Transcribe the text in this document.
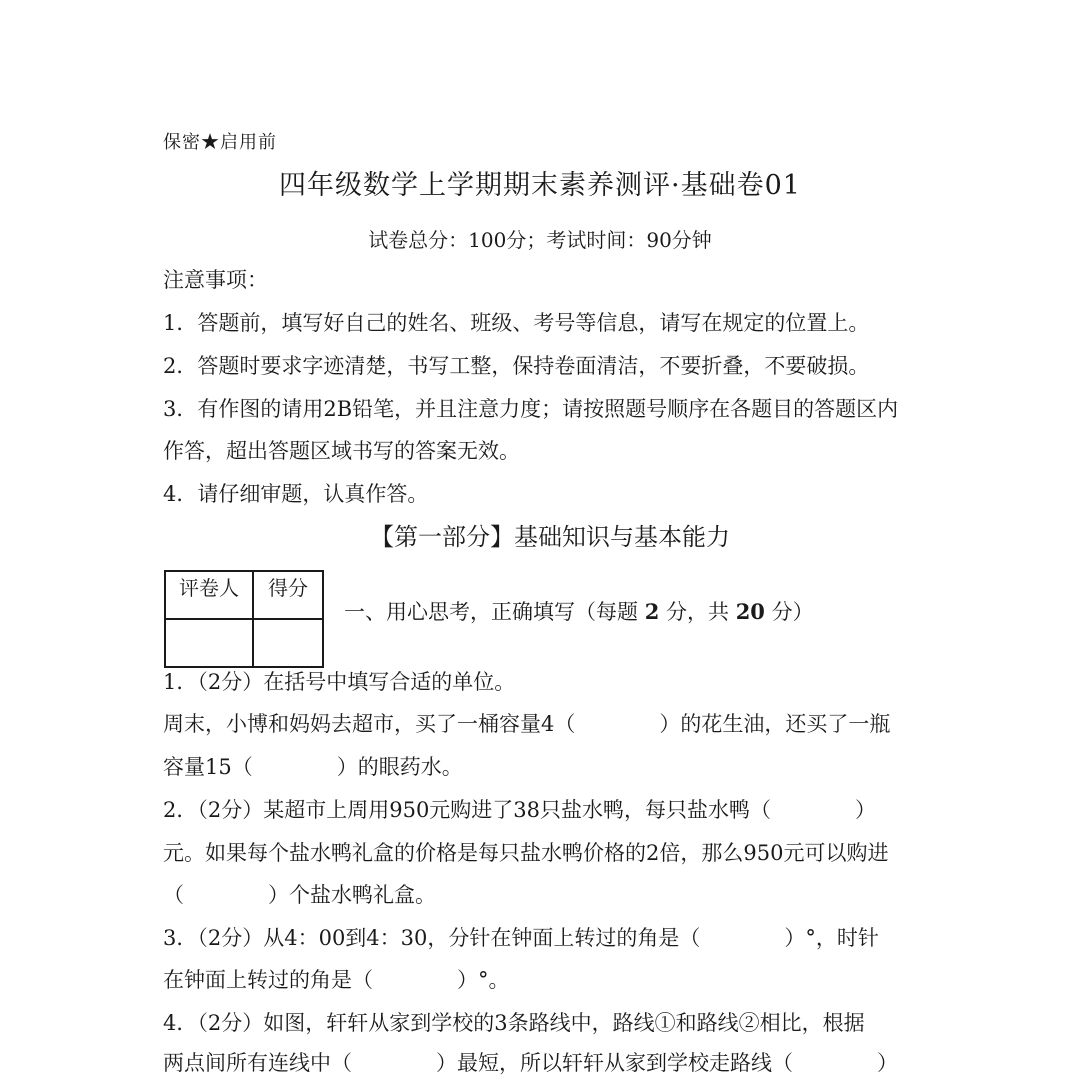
保密★启用前
四年级数学上学期期末素养测评·基础卷01
试卷总分：100分；考试时间：90分钟
注意事项：
1．答题前，填写好自己的姓名、班级、考号等信息，请写在规定的位置上。
2．答题时要求字迹清楚，书写工整，保持卷面清洁，不要折叠，不要破损。
3．有作图的请用2B铅笔，并且注意力度；请按照题号顺序在各题目的答题区内
作答，超出答题区域书写的答案无效。
4．请仔细审题，认真作答。
【第一部分】基础知识与基本能力
评卷人	得分

一、用心思考，正确填写（每题 2 分，共 20 分）
1．（2分）在括号中填写合适的单位。
周末，小博和妈妈去超市，买了一桶容量4（　　　　）的花生油，还买了一瓶
容量15（　　　　）的眼药水。
2．（2分）某超市上周用950元购进了38只盐水鸭，每只盐水鸭（　　　　）
元。如果每个盐水鸭礼盒的价格是每只盐水鸭价格的2倍，那么950元可以购进
（　　　　）个盐水鸭礼盒。
3．（2分）从4：00到4：30，分针在钟面上转过的角是（　　　　）°，时针
在钟面上转过的角是（　　　　）°。
4．（2分）如图，轩轩从家到学校的3条路线中，路线①和路线②相比，根据
两点间所有连线中（　　　　）最短，所以轩轩从家到学校走路线（　　　　）
